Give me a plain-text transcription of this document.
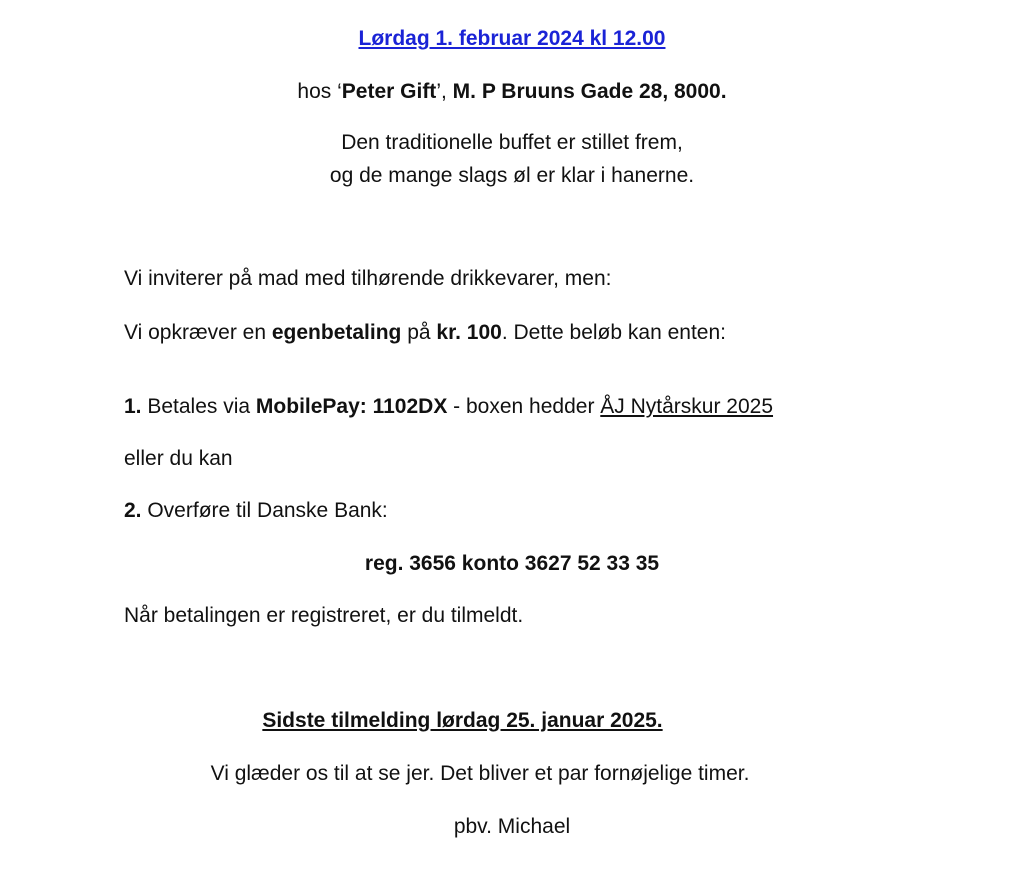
Lørdag 1. februar 2024 kl 12.00
hos ‘Peter Gift’, M. P Bruuns Gade 28, 8000.
Den traditionelle buffet er stillet frem,
og de mange slags øl er klar i hanerne.
Vi inviterer på mad med tilhørende drikkevarer, men:
Vi opkræver en egenbetaling på kr. 100. Dette beløb kan enten:
1. Betales via MobilePay: 1102DX - boxen hedder ÅJ Nytårskur 2025
eller du kan
2. Overføre til Danske Bank:
reg. 3656 konto 3627 52 33 35
Når betalingen er registreret, er du tilmeldt.
Sidste tilmelding lørdag 25. januar 2025.
Vi glæder os til at se jer. Det bliver et par fornøjelige timer.
pbv. Michael
